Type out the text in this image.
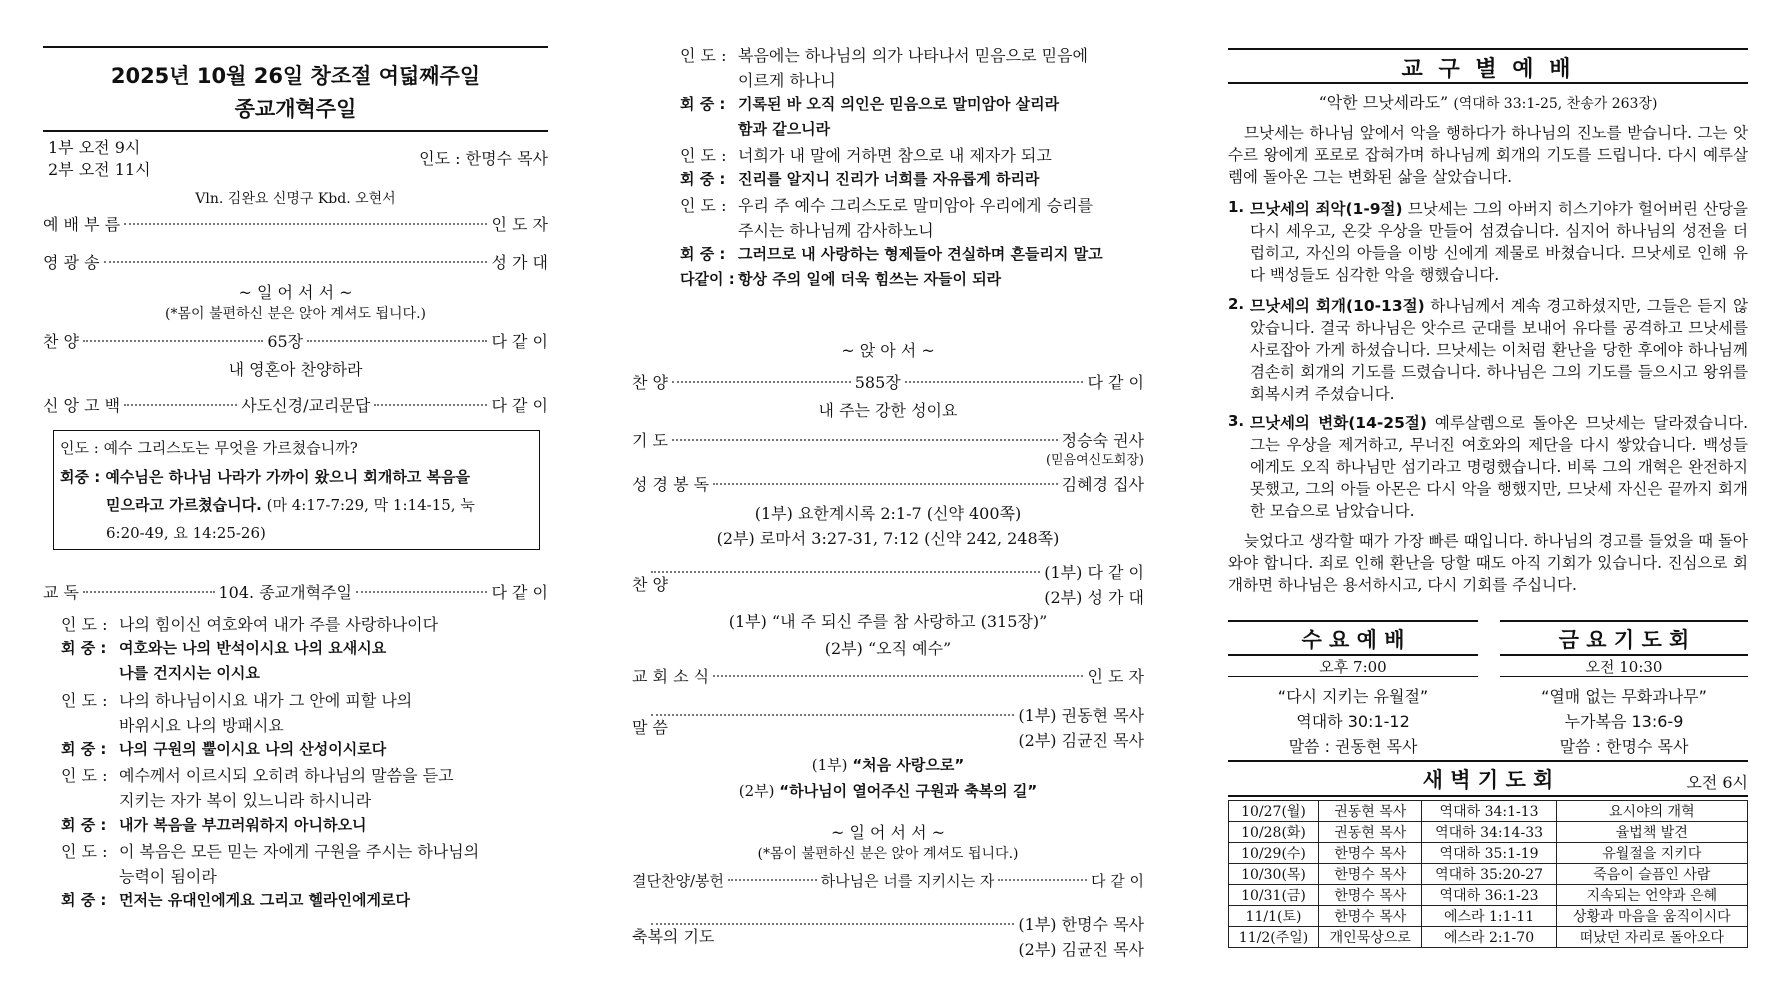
2025년 10월 26일 창조절 여덟째주일
종교개혁주일
1부 오전 9시
2부 오전 11시
인도 : 한명수 목사
Vln. 김완요 신명구 Kbd. 오현서
예 배 부 름	인 도 자
영 광 송	성 가 대
~ 일 어 서 서 ~
(*몸이 불편하신 분은 앉아 계셔도 됩니다.)
찬 양	65장	다 같 이
내 영혼아 찬양하라
신 앙 고 백	사도신경/교리문답	다 같 이
인도 : 예수 그리스도는 무엇을 가르쳤습니까?
회중 : 예수님은 하나님 나라가 가까이 왔으니 회개하고 복음을
믿으라고 가르쳤습니다. (마 4:17-7:29, 막 1:14-15, 눅
6:20-49, 요 14:25-26)
교 독	104. 종교개혁주일	다 같 이
인 도 : 나의 힘이신 여호와여 내가 주를 사랑하나이다
회 중 : 여호와는 나의 반석이시요 나의 요새시요
나를 건지시는 이시요
인 도 : 나의 하나님이시요 내가 그 안에 피할 나의
바위시요 나의 방패시요
회 중 : 나의 구원의 뿔이시요 나의 산성이시로다
인 도 : 예수께서 이르시되 오히려 하나님의 말씀을 듣고
지키는 자가 복이 있느니라 하시니라
회 중 : 내가 복음을 부끄러워하지 아니하오니
인 도 : 이 복음은 모든 믿는 자에게 구원을 주시는 하나님의
능력이 됨이라
회 중 : 먼저는 유대인에게요 그리고 헬라인에게로다
인 도 : 복음에는 하나님의 의가 나타나서 믿음으로 믿음에
이르게 하나니
회 중 : 기록된 바 오직 의인은 믿음으로 말미암아 살리라
함과 같으니라
인 도 : 너희가 내 말에 거하면 참으로 내 제자가 되고
회 중 : 진리를 알지니 진리가 너희를 자유롭게 하리라
인 도 : 우리 주 예수 그리스도로 말미암아 우리에게 승리를
주시는 하나님께 감사하노니
회 중 : 그러므로 내 사랑하는 형제들아 견실하며 흔들리지 말고
다같이 : 항상 주의 일에 더욱 힘쓰는 자들이 되라
~ 앉 아 서 ~
찬 양	585장	다 같 이
내 주는 강한 성이요
기 도	정승숙 권사
(믿음여신도회장)
성 경 봉 독	김혜경 집사
(1부) 요한계시록 2:1-7 (신약 400쪽)
(2부) 로마서 3:27-31, 7:12 (신약 242, 248쪽)
(1부) 다 같 이
찬 양
(2부) 성 가 대
(1부) “내 주 되신 주를 참 사랑하고 (315장)”
(2부) “오직 예수”
교 회 소 식	인 도 자
(1부) 권동현 목사
말 씀
(2부) 김균진 목사
(1부) “처음 사랑으로”
(2부) “하나님이 열어주신 구원과 축복의 길”
~ 일 어 서 서 ~
(*몸이 불편하신 분은 앉아 계셔도 됩니다.)
결단찬양/봉헌	하나님은 너를 지키시는 자	다 같 이
(1부) 한명수 목사
축복의 기도
(2부) 김균진 목사
교 구 별 예 배
“악한 므낫세라도” (역대하 33:1-25, 찬송가 263장)
므낫세는 하나님 앞에서 악을 행하다가 하나님의 진노를 받습니다. 그는 앗수르 왕에게 포로로 잡혀가며 하나님께 회개의 기도를 드립니다. 다시 예루살렘에 돌아온 그는 변화된 삶을 살았습니다.
1. 므낫세의 죄악(1-9절) 므낫세는 그의 아버지 히스기야가 헐어버린 산당을 다시 세우고, 온갖 우상을 만들어 섬겼습니다. 심지어 하나님의 성전을 더럽히고, 자신의 아들을 이방 신에게 제물로 바쳤습니다. 므낫세로 인해 유다 백성들도 심각한 악을 행했습니다.
2. 므낫세의 회개(10-13절) 하나님께서 계속 경고하셨지만, 그들은 듣지 않았습니다. 결국 하나님은 앗수르 군대를 보내어 유다를 공격하고 므낫세를 사로잡아 가게 하셨습니다. 므낫세는 이처럼 환난을 당한 후에야 하나님께 겸손히 회개의 기도를 드렸습니다. 하나님은 그의 기도를 들으시고 왕위를 회복시켜 주셨습니다.
3. 므낫세의 변화(14-25절) 예루살렘으로 돌아온 므낫세는 달라졌습니다. 그는 우상을 제거하고, 무너진 여호와의 제단을 다시 쌓았습니다. 백성들에게도 오직 하나님만 섬기라고 명령했습니다. 비록 그의 개혁은 완전하지 못했고, 그의 아들 아몬은 다시 악을 행했지만, 므낫세 자신은 끝까지 회개한 모습으로 남았습니다.
늦었다고 생각할 때가 가장 빠른 때입니다. 하나님의 경고를 들었을 때 돌아와야 합니다. 죄로 인해 환난을 당할 때도 아직 기회가 있습니다. 진심으로 회개하면 하나님은 용서하시고, 다시 기회를 주십니다.
수 요 예 배
오후 7:00
“다시 지키는 유월절”
역대하 30:1-12
말씀 : 권동현 목사
금 요 기 도 회
오전 10:30
“열매 없는 무화과나무”
누가복음 13:6-9
말씀 : 한명수 목사
새 벽 기 도 회	오전 6시
10/27(월)	권동현 목사	역대하 34:1-13	요시야의 개혁
10/28(화)	권동현 목사	역대하 34:14-33	율법책 발견
10/29(수)	한명수 목사	역대하 35:1-19	유월절을 지키다
10/30(목)	한명수 목사	역대하 35:20-27	죽음이 슬픔인 사람
10/31(금)	한명수 목사	역대하 36:1-23	지속되는 언약과 은혜
11/1(토)	한명수 목사	에스라 1:1-11	상황과 마음을 움직이시다
11/2(주일)	개인묵상으로	에스라 2:1-70	떠났던 자리로 돌아오다
